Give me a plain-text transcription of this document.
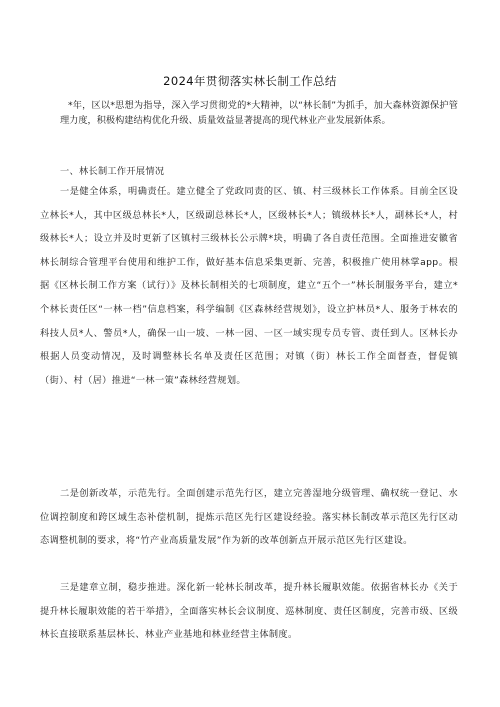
2024年贯彻落实林长制工作总结
*年，区以*思想为指导，深入学习贯彻党的*大精神，以“林长制”为抓手，加大森林资源保护管理力度，积极构建结构优化升级、质量效益显著提高的现代林业产业发展新体系。
一、林长制工作开展情况
一是健全体系，明确责任。建立健全了党政同责的区、镇、村三级林长工作体系。目前全区设立林长*人，其中区级总林长*人，区级副总林长*人，区级林长*人；镇级林长*人，副林长*人，村级林长*人；设立并及时更新了区镇村三级林长公示牌*块，明确了各自责任范围。全面推进安徽省林长制综合管理平台使用和维护工作，做好基本信息采集更新、完善，积极推广使用林掌app。根据《区林长制工作方案（试行）》及林长制相关的七项制度，建立“五个一”林长制服务平台，建立*个林长责任区“一林一档”信息档案，科学编制《区森林经营规划》，设立护林员*人、服务于林农的科技人员*人、警员*人，确保一山一坡、一林一园、一区一域实现专员专管、责任到人。区林长办根据人员变动情况，及时调整林长名单及责任区范围；对镇（街）林长工作全面督查，督促镇（街）、村（居）推进“一林一策”森林经营规划。
二是创新改革，示范先行。全面创建示范先行区，建立完善湿地分级管理、确权统一登记、水位调控制度和跨区域生态补偿机制，提炼示范区先行区建设经验。落实林长制改革示范区先行区动态调整机制的要求，将“竹产业高质量发展”作为新的改革创新点开展示范区先行区建设。
三是建章立制，稳步推进。深化新一轮林长制改革，提升林长履职效能。依据省林长办《关于提升林长履职效能的若干举措》，全面落实林长会议制度、巡林制度、责任区制度，完善市级、区级林长直接联系基层林长、林业产业基地和林业经营主体制度。
